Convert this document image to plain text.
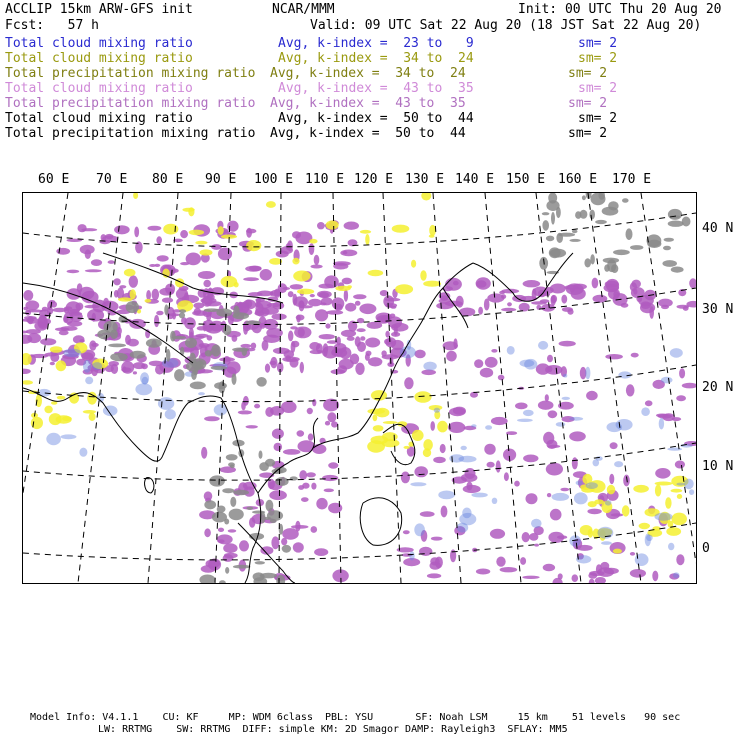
ACCLIP 15km ARW-GFS init	NCAR/MMM	Init: 00 UTC Thu 20 Aug 20
Fcst:   57 h	Valid: 09 UTC Sat 22 Aug 20 (18 JST Sat 22 Aug 20)
Total cloud mixing ratio	Avg, k-index =  23 to   9	sm= 2
Total cloud mixing ratio	Avg, k-index =  34 to  24	sm= 2
Total precipitation mixing ratio Avg, k-index =  34 to  24	sm= 2
Total cloud mixing ratio	Avg, k-index =  43 to  35	sm= 2
Total precipitation mixing ratio Avg, k-index =  43 to  35	sm= 2
Total cloud mixing ratio	Avg, k-index =  50 to  44	sm= 2
Total precipitation mixing ratio Avg, k-index =  50 to  44	sm= 2
60 E 70 E 80 E 90 E 100 E 110 E 120 E 130 E 140 E 150 E 160 E 170 E
40 N
30 N
20 N
10 N
0
Model Info: V4.1.1    CU: KF     MP: WDM 6class  PBL: YSU       SF: Noah LSM     15 km    51 levels   90 sec
LW: RRTMG    SW: RRTMG  DIFF: simple KM: 2D Smagor DAMP: Rayleigh3  SFLAY: MM5
